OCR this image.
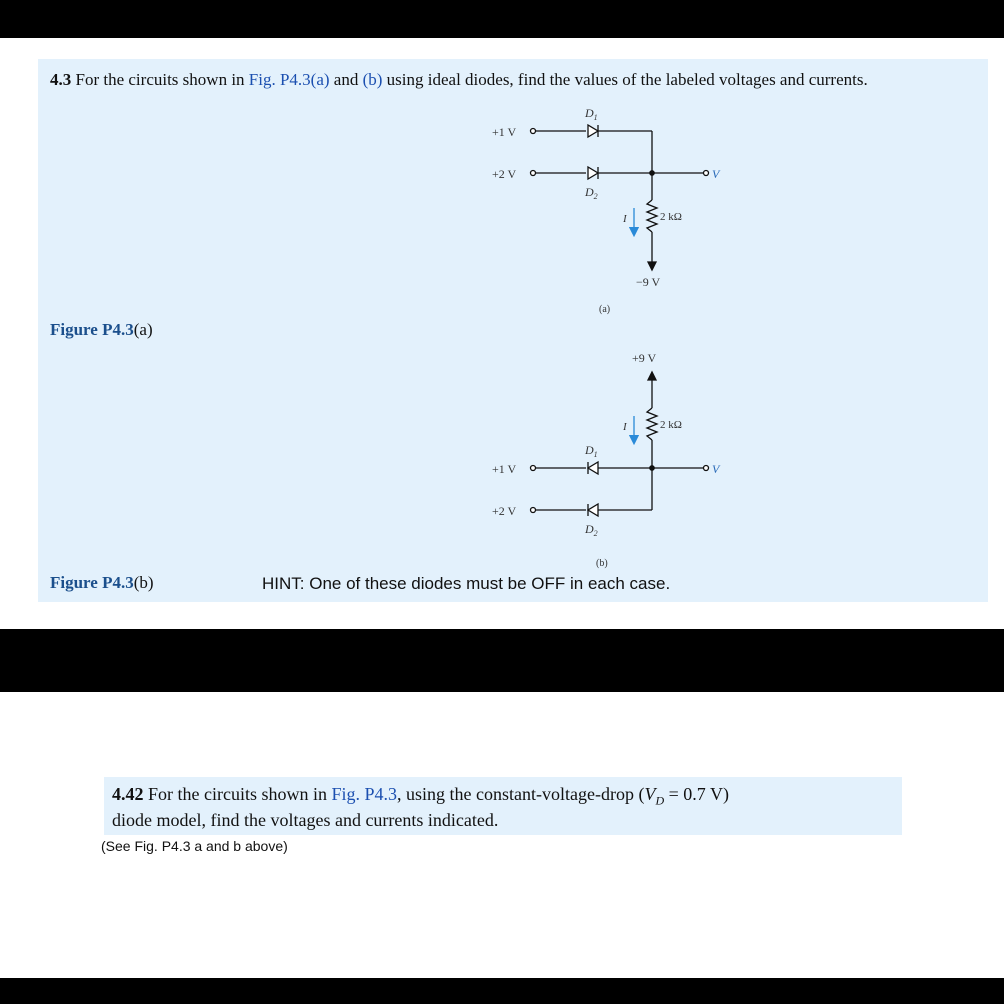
4.3 For the circuits shown in Fig. P4.3(a) and (b) using ideal diodes, find the values of the labeled voltages and currents.
Figure P4.3(a)
Figure P4.3(b)
+1 V
$D_1$
+2 V	V
$D_2$
2 kΩ
−9 V
I
(a)
+9 V
2 kΩ
I
+1 V	V
$D_1$
+2 V
$D_2$
(b)
HINT: One of these diodes must be OFF in each case.
4.42 For the circuits shown in Fig. P4.3, using the constant-voltage-drop ($V_D = 0.7$ V)
diode model, find the voltages and currents indicated.
(See Fig. P4.3 a and b above)
